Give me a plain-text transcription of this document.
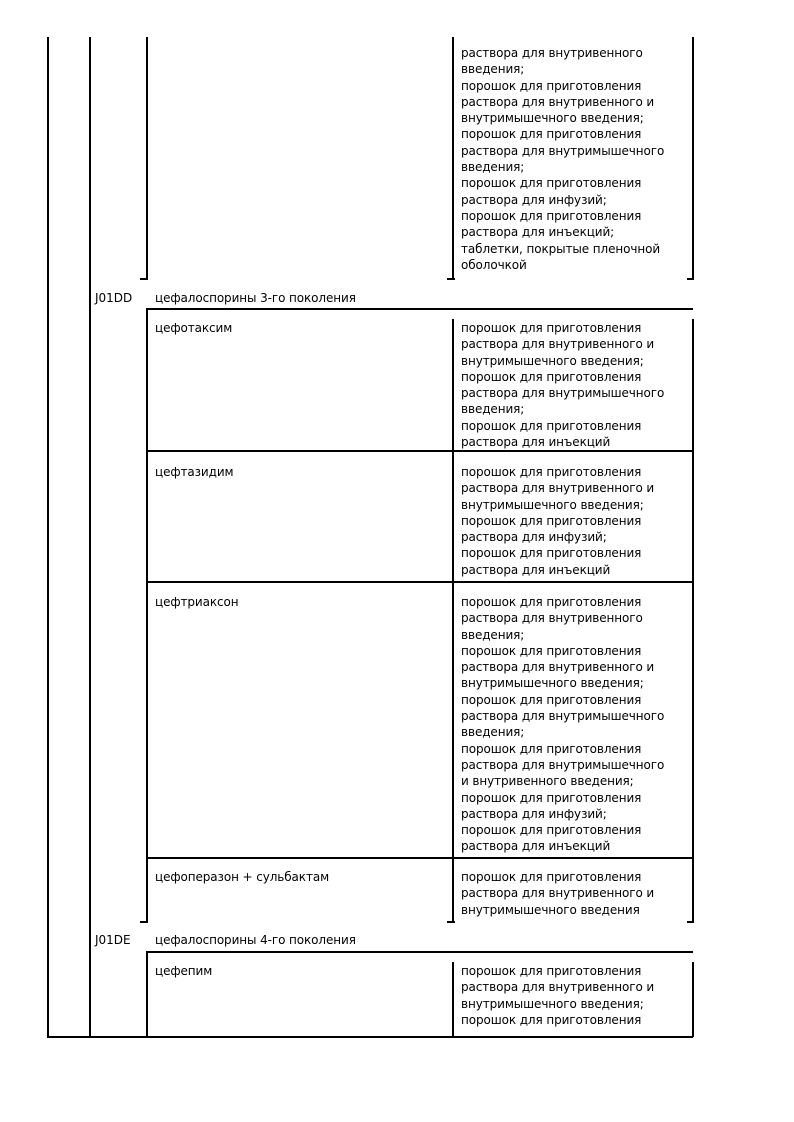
раствора для внутривенного
введения;
порошок для приготовления
раствора для внутривенного и
внутримышечного введения;
порошок для приготовления
раствора для внутримышечного
введения;
порошок для приготовления
раствора для инфузий;
порошок для приготовления
раствора для инъекций;
таблетки, покрытые пленочной
оболочкой
J01DD цефалоспорины 3-го поколения
цефотаксим	порошок для приготовления
раствора для внутривенного и
внутримышечного введения;
порошок для приготовления
раствора для внутримышечного
введения;
порошок для приготовления
раствора для инъекций
цефтазидим	порошок для приготовления
раствора для внутривенного и
внутримышечного введения;
порошок для приготовления
раствора для инфузий;
порошок для приготовления
раствора для инъекций
цефтриаксон	порошок для приготовления
раствора для внутривенного
введения;
порошок для приготовления
раствора для внутривенного и
внутримышечного введения;
порошок для приготовления
раствора для внутримышечного
введения;
порошок для приготовления
раствора для внутримышечного
и внутривенного введения;
порошок для приготовления
раствора для инфузий;
порошок для приготовления
раствора для инъекций
цефоперазон + сульбактам	порошок для приготовления
раствора для внутривенного и
внутримышечного введения
J01DE цефалоспорины 4-го поколения
цефепим	порошок для приготовления
раствора для внутривенного и
внутримышечного введения;
порошок для приготовления
